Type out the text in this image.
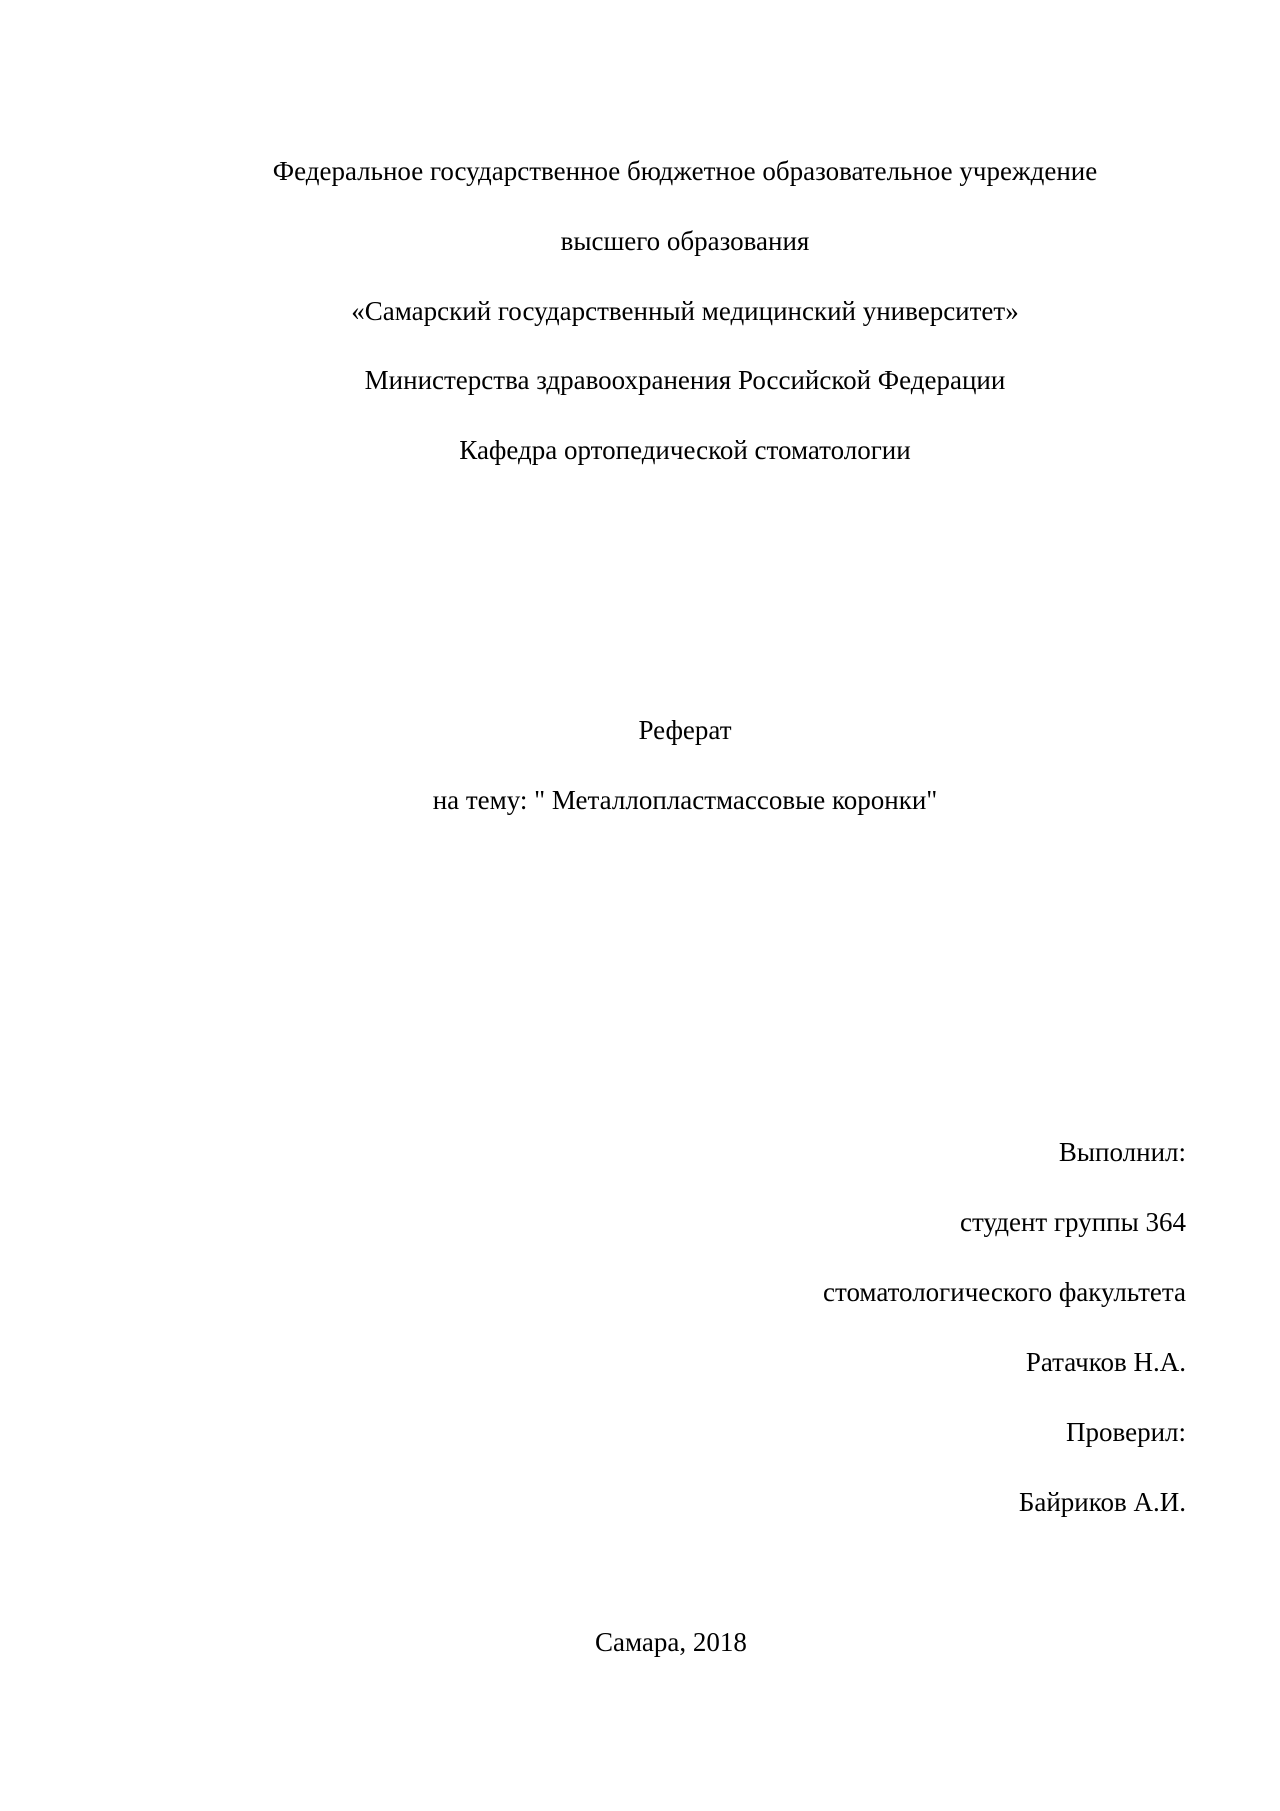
Федеральное государственное бюджетное образовательное учреждение
высшего образования
«Самарский государственный медицинский университет»
Министерства здравоохранения Российской Федерации
Кафедра ортопедической стоматологии
Реферат
на тему: " Металлопластмассовые коронки"
Выполнил:
студент группы 364
стоматологического факультета
Ратачков Н.А.
Проверил:
Байриков А.И.
Самара, 2018
